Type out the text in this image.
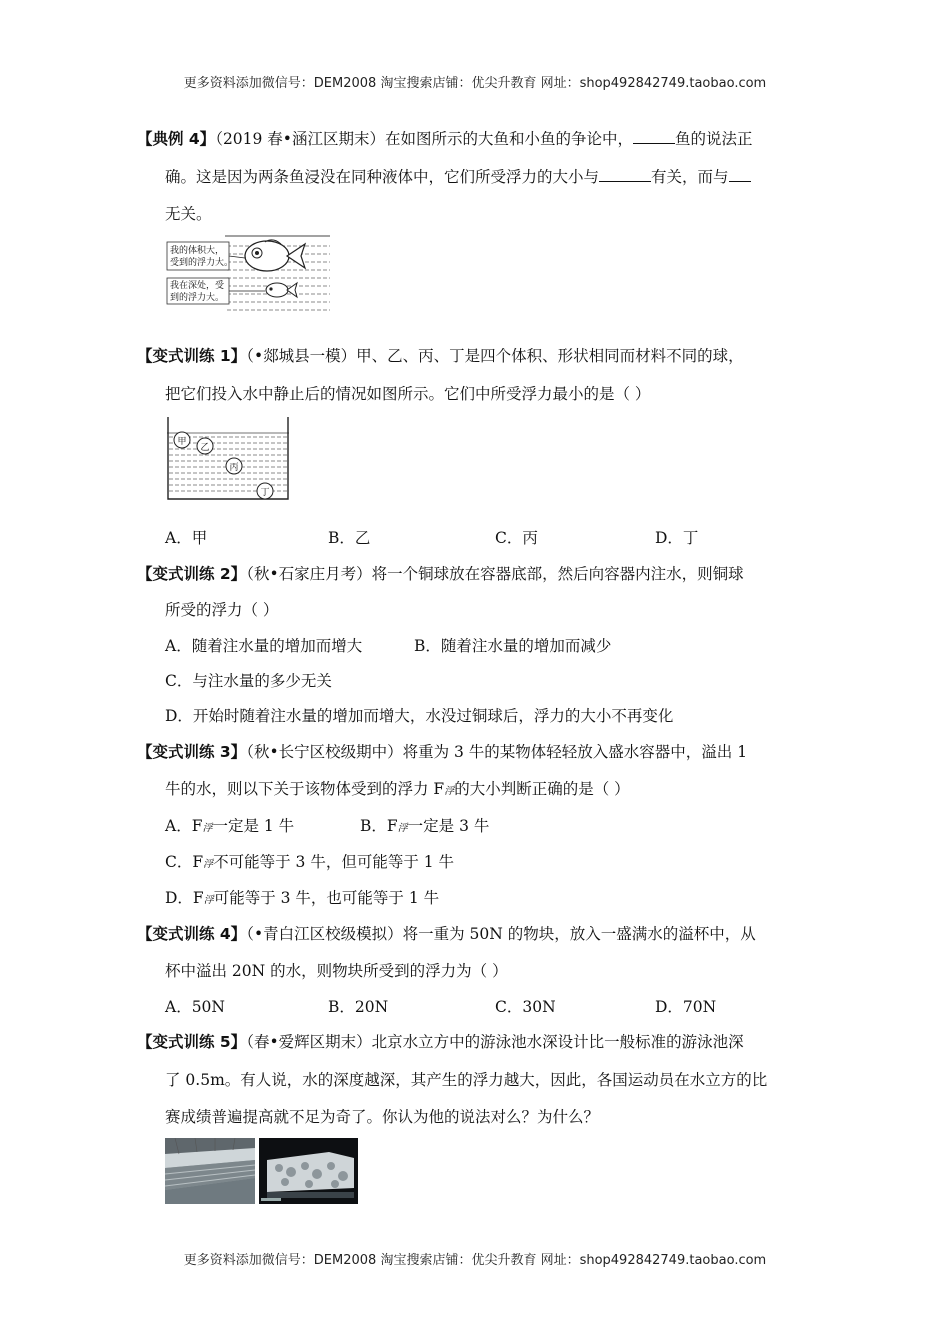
更多资料添加微信号：DEM2008 淘宝搜索店铺：优尖升教育 网址：shop492842749.taobao.com
【典例 4】（2019 春•涵江区期末）在如图所示的大鱼和小鱼的争论中，	鱼的说法正
确。这是因为两条鱼浸没在同种液体中，它们所受浮力的大小与	有关，而与
无关。
我的体积大，
受到的浮力大。
我在深处，受
到的浮力大。
【变式训练 1】（•郯城县一模）甲、乙、丙、丁是四个体积、形状相同而材料不同的球，
把它们投入水中静止后的情况如图所示。它们中所受浮力最小的是（ ）
甲
乙
丙
丁
A．甲	B．乙	C．丙	D．丁
【变式训练 2】（秋•石家庄月考）将一个铜球放在容器底部，然后向容器内注水，则铜球
所受的浮力（ ）
A．随着注水量的增加而增大	B．随着注水量的增加而减少
C．与注水量的多少无关
D．开始时随着注水量的增加而增大，水没过铜球后，浮力的大小不再变化
【变式训练 3】（秋•长宁区校级期中）将重为 3 牛的某物体轻轻放入盛水容器中，溢出 1
牛的水，则以下关于该物体受到的浮力 F浮的大小判断正确的是（ ）
A．F浮一定是 1 牛	B．F浮一定是 3 牛
C．F浮不可能等于 3 牛，但可能等于 1 牛
D．F浮可能等于 3 牛，也可能等于 1 牛
【变式训练 4】（•青白江区校级模拟）将一重为 50N 的物块，放入一盛满水的溢杯中，从
杯中溢出 20N 的水，则物块所受到的浮力为（ ）
A．50N	B．20N	C．30N	D．70N
【变式训练 5】（春•爱辉区期末）北京水立方中的游泳池水深设计比一般标准的游泳池深
了 0.5m。有人说，水的深度越深，其产生的浮力越大，因此，各国运动员在水立方的比
赛成绩普遍提高就不足为奇了。你认为他的说法对么？为什么？
更多资料添加微信号：DEM2008 淘宝搜索店铺：优尖升教育 网址：shop492842749.taobao.com
